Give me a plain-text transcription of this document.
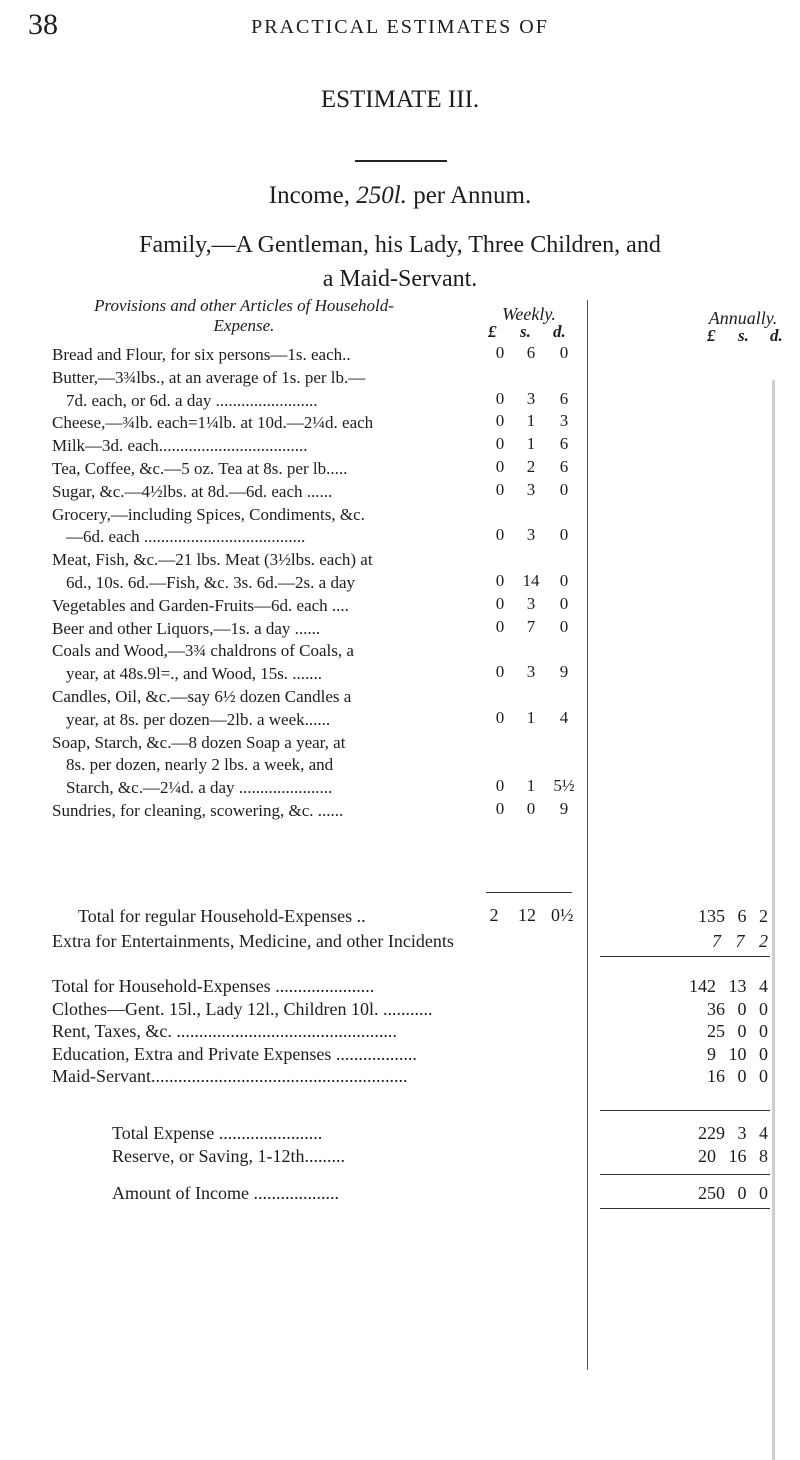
38	PRACTICAL ESTIMATES OF
ESTIMATE III.
Income, 250l. per Annum.
Family,—A Gentleman, his Lady, Three Children, and
a Maid-Servant.
Provisions and other Articles of Household-
Expense.
Weekly.	Annually.
£ s. d.	£ s. d.
Bread and Flour, for six persons—1s. each..	0	6	0
Butter,—3¾lbs., at an average of 1s. per lb.—
7d. each, or 6d. a day ........................	0	3	6
Cheese,—¾lb. each=1¼lb. at 10d.—2¼d. each	0	1	3
Milk—3d. each...................................	0	1	6
Tea, Coffee, &c.—5 oz. Tea at 8s. per lb.....	0	2	6
Sugar, &c.—4½lbs. at 8d.—6d. each ......	0	3	0
Grocery,—including Spices, Condiments, &c.
—6d. each ......................................	0	3	0
Meat, Fish, &c.—21 lbs. Meat (3½lbs. each) at
6d., 10s. 6d.—Fish, &c. 3s. 6d.—2s. a day	0	14	0
Vegetables and Garden-Fruits—6d. each ....	0	3	0
Beer and other Liquors,—1s. a day ......	0	7	0
Coals and Wood,—3¾ chaldrons of Coals, a
year, at 48s.9l=., and Wood, 15s. .......	0	3	9
Candles, Oil, &c.—say 6½ dozen Candles a
year, at 8s. per dozen—2lb. a week......	0	1	4
Soap, Starch, &c.—8 dozen Soap a year, at
8s. per dozen, nearly 2 lbs. a week, and
Starch, &c.—2¼d. a day ......................	0	1	5½
Sundries, for cleaning, scowering, &c. ......	0	0	9
Total for regular Household-Expenses ..	2	12 0½	135 6 2
Extra for Entertainments, Medicine, and other Incidents	7 7 2
Total for Household-Expenses ......................	142 13 4
Clothes—Gent. 15l., Lady 12l., Children 10l. ...........	36 0 0
Rent, Taxes, &c. .................................................	25 0 0
Education, Extra and Private Expenses ..................	9 10 0
Maid-Servant.........................................................	16 0 0
Total Expense .......................	229 3 4
Reserve, or Saving, 1-12th.........	20 16 8
Amount of Income ...................	250 0 0
